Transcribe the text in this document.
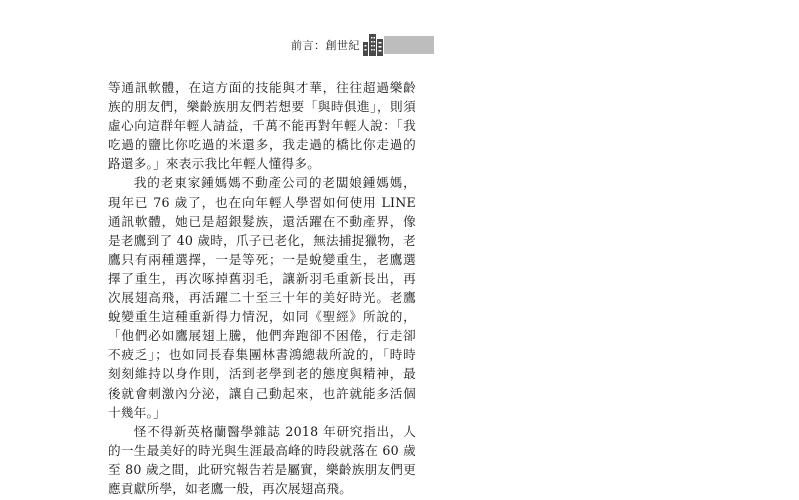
前言：創世紀	003

等通訊軟體，在這方面的技能與才華，往往超過樂齡族的朋友們，樂齡族朋友們若想要「與時俱進」，則須虛心向這群年輕人請益，千萬不能再對年輕人說：「我吃過的鹽比你吃過的米還多，我走過的橋比你走過的路還多。」來表示我比年輕人懂得多。

我的老東家鍾媽媽不動產公司的老闆娘鍾媽媽，現年已 76 歲了，也在向年輕人學習如何使用 LINE 通訊軟體，她已是超銀髮族，還活躍在不動產界，像是老鷹到了 40 歲時，爪子已老化，無法捕捉獵物，老鷹只有兩種選擇，一是等死；一是蛻變重生，老鷹選擇了重生，再次啄掉舊羽毛，讓新羽毛重新長出，再次展翅高飛，再活躍二十至三十年的美好時光。老鷹蛻變重生這種重新得力情況，如同《聖經》所說的，「他們必如鷹展翅上騰，他們奔跑卻不困倦，行走卻不疲乏」；也如同長春集團林書鴻總裁所說的，「時時刻刻維持以身作則，活到老學到老的態度與精神，最後就會刺激內分泌，讓自己動起來，也許就能多活個十幾年。」

怪不得新英格蘭醫學雜誌 2018 年研究指出，人的一生最美好的時光與生涯最高峰的時段就落在 60 歲至 80 歲之間，此研究報告若是屬實，樂齡族朋友們更應貢獻所學，如老鷹一般，再次展翅高飛。
